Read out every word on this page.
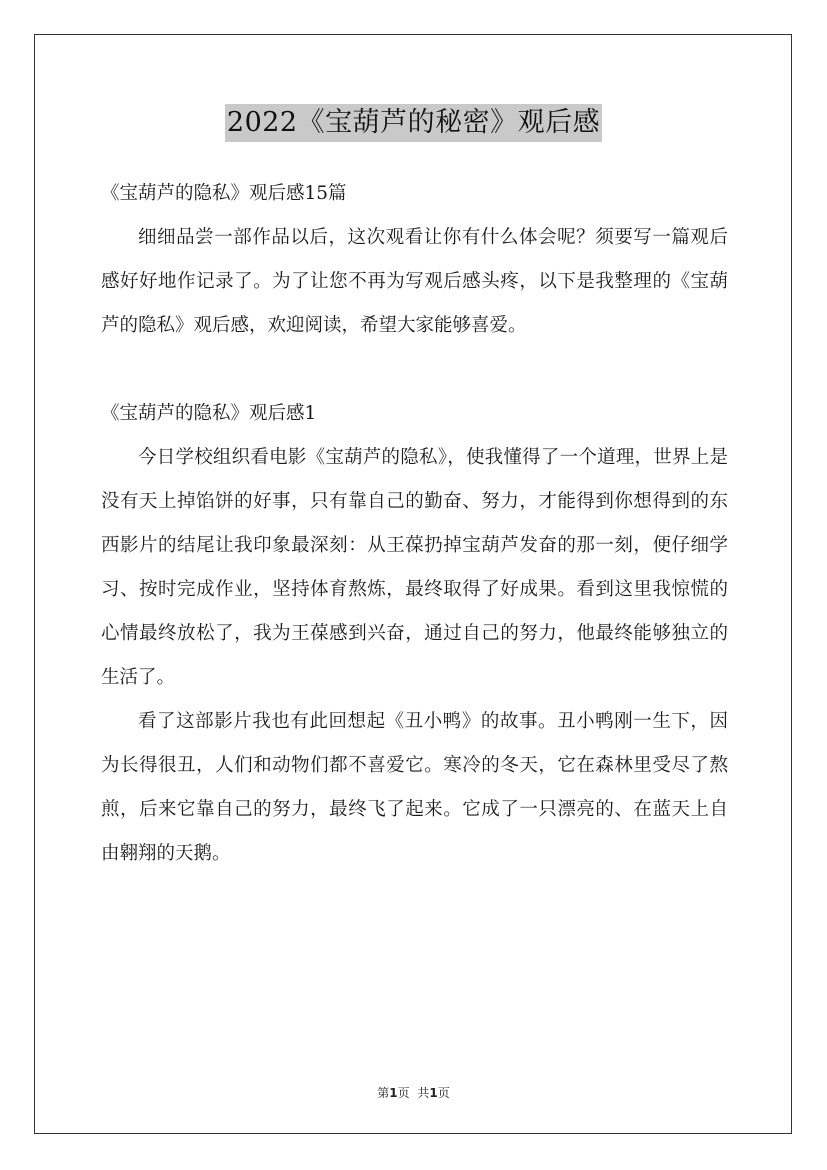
2022《宝葫芦的秘密》观后感

《宝葫芦的隐私》观后感15篇

细细品尝一部作品以后，这次观看让你有什么体会呢？须要写一篇观后感好好地作记录了。为了让您不再为写观后感头疼，以下是我整理的《宝葫芦的隐私》观后感，欢迎阅读，希望大家能够喜爱。

《宝葫芦的隐私》观后感1

今日学校组织看电影《宝葫芦的隐私》，使我懂得了一个道理，世界上是没有天上掉馅饼的好事，只有靠自己的勤奋、努力，才能得到你想得到的东西影片的结尾让我印象最深刻：从王葆扔掉宝葫芦发奋的那一刻，便仔细学习、按时完成作业，坚持体育熬炼，最终取得了好成果。看到这里我惊慌的心情最终放松了，我为王葆感到兴奋，通过自己的努力，他最终能够独立的生活了。

看了这部影片我也有此回想起《丑小鸭》的故事。丑小鸭刚一生下，因为长得很丑，人们和动物们都不喜爱它。寒冷的冬天，它在森林里受尽了熬煎，后来它靠自己的努力，最终飞了起来。它成了一只漂亮的、在蓝天上自由翱翔的天鹅。

第1页 共1页
